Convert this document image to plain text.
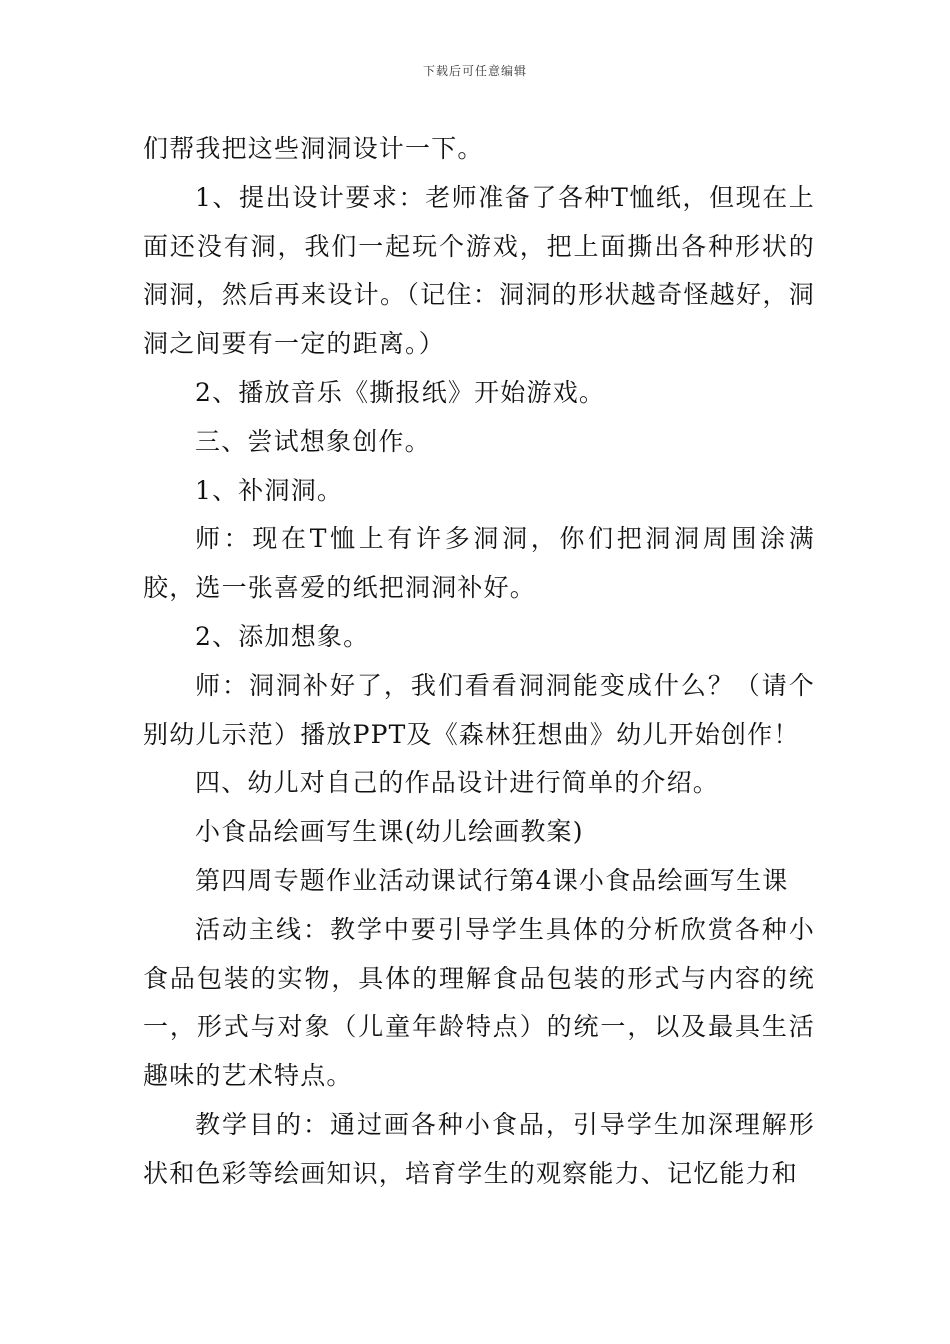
下载后可任意编辑

们帮我把这些洞洞设计一下。

1、提出设计要求：老师准备了各种T恤纸，但现在上面还没有洞，我们一起玩个游戏，把上面撕出各种形状的洞洞，然后再来设计。（记住：洞洞的形状越奇怪越好，洞洞之间要有一定的距离。）

2、播放音乐《撕报纸》开始游戏。

三、尝试想象创作。

1、补洞洞。

师：现在T恤上有许多洞洞，你们把洞洞周围涂满胶，选一张喜爱的纸把洞洞补好。

2、添加想象。

师：洞洞补好了，我们看看洞洞能变成什么？（请个别幼儿示范）播放PPT及《森林狂想曲》幼儿开始创作！

四、幼儿对自己的作品设计进行简单的介绍。

小食品绘画写生课(幼儿绘画教案)

第四周专题作业活动课试行第4课小食品绘画写生课

活动主线：教学中要引导学生具体的分析欣赏各种小食品包装的实物，具体的理解食品包装的形式与内容的统一，形式与对象（儿童年龄特点）的统一，以及最具生活趣味的艺术特点。

教学目的：通过画各种小食品，引导学生加深理解形状和色彩等绘画知识，培育学生的观察能力、记忆能力和
